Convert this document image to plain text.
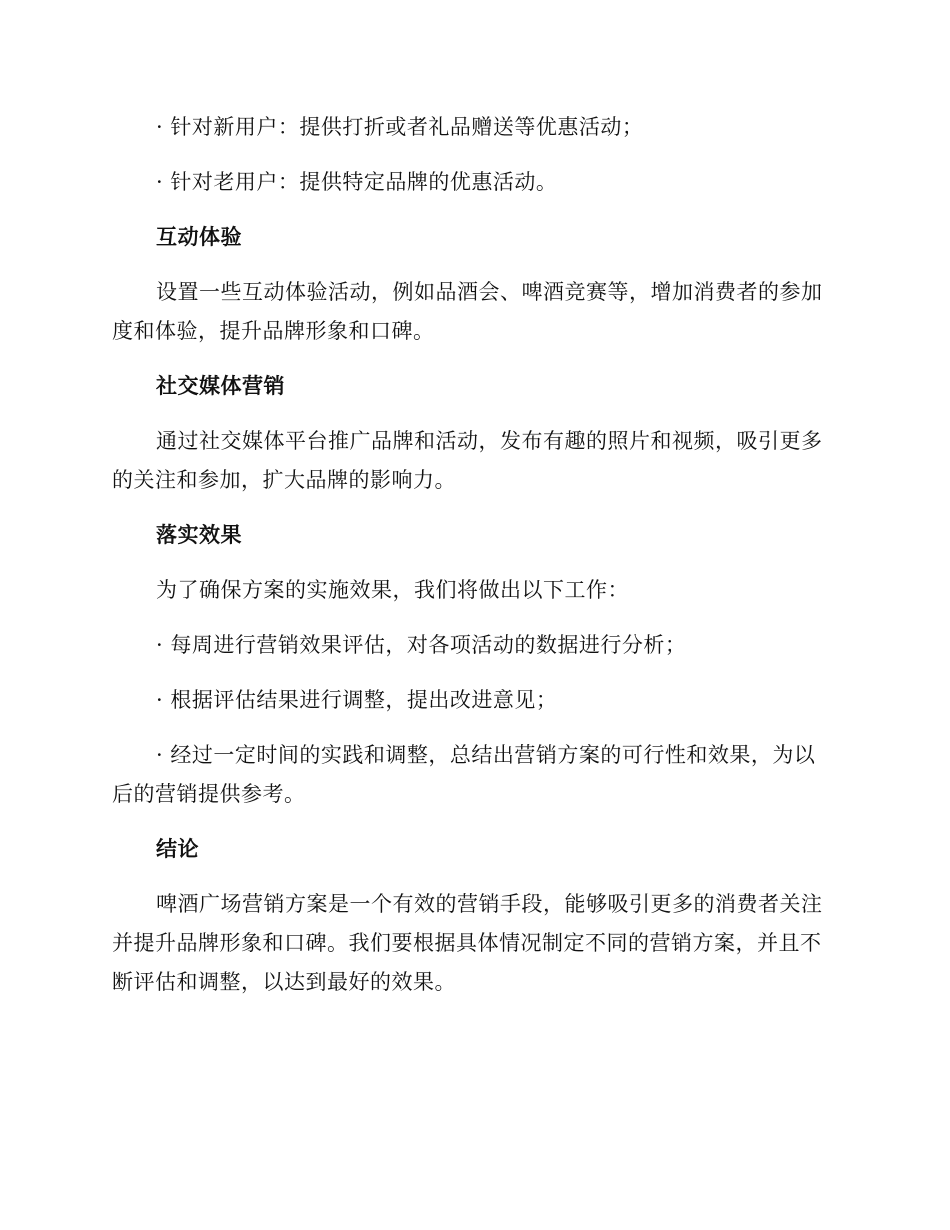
· 针对新用户：提供打折或者礼品赠送等优惠活动；

· 针对老用户：提供特定品牌的优惠活动。

互动体验

设置一些互动体验活动，例如品酒会、啤酒竞赛等，增加消费者的参加度和体验，提升品牌形象和口碑。

社交媒体营销

通过社交媒体平台推广品牌和活动，发布有趣的照片和视频，吸引更多的关注和参加，扩大品牌的影响力。

落实效果

为了确保方案的实施效果，我们将做出以下工作：

· 每周进行营销效果评估，对各项活动的数据进行分析；

· 根据评估结果进行调整，提出改进意见；

· 经过一定时间的实践和调整，总结出营销方案的可行性和效果，为以后的营销提供参考。

结论

啤酒广场营销方案是一个有效的营销手段，能够吸引更多的消费者关注并提升品牌形象和口碑。我们要根据具体情况制定不同的营销方案，并且不断评估和调整，以达到最好的效果。
